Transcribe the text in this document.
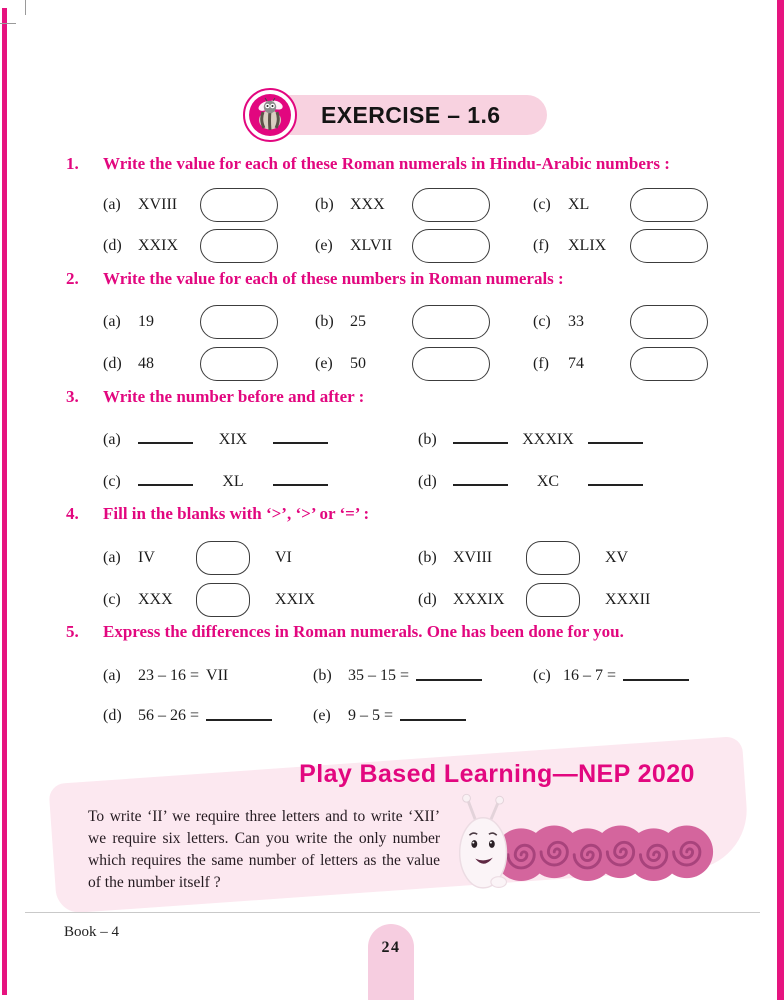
EXERCISE – 1.6
1.	Write the value for each of these Roman numerals in Hindu-Arabic numbers :
(a)	XVIII	(b)	XXX	(c)	XL
(d)	XXIX	(e)	XLVII	(f)	XLIX
2.	Write the value for each of these numbers in Roman numerals :
(a)	19	(b)	25	(c)	33
(d)	48	(e)	50	(f)	74
3.	Write the number before and after :
(a)	XIX	(b)	XXXIX
(c)	XL	(d)	XC
4.	Fill in the blanks with ‘>’, ‘>’ or ‘=’ :
(a)	IV	VI	(b)	XVIII	XV
(c)	XXX	XXIX	(d)	XXXIX	XXXII
5.	Express the differences in Roman numerals. One has been done for you.
(a)	23 – 16 = VII	(b)	35 – 15 =	(c) 16 – 7 =
(d)	56 – 26 =	(e)	9 – 5 =
Play Based Learning—NEP 2020
To write ‘II’ we require three letters and to write ‘XII’ we require six letters. Can you write the only number which requires the same number of letters as the value of the number itself ?
Book – 4
24
